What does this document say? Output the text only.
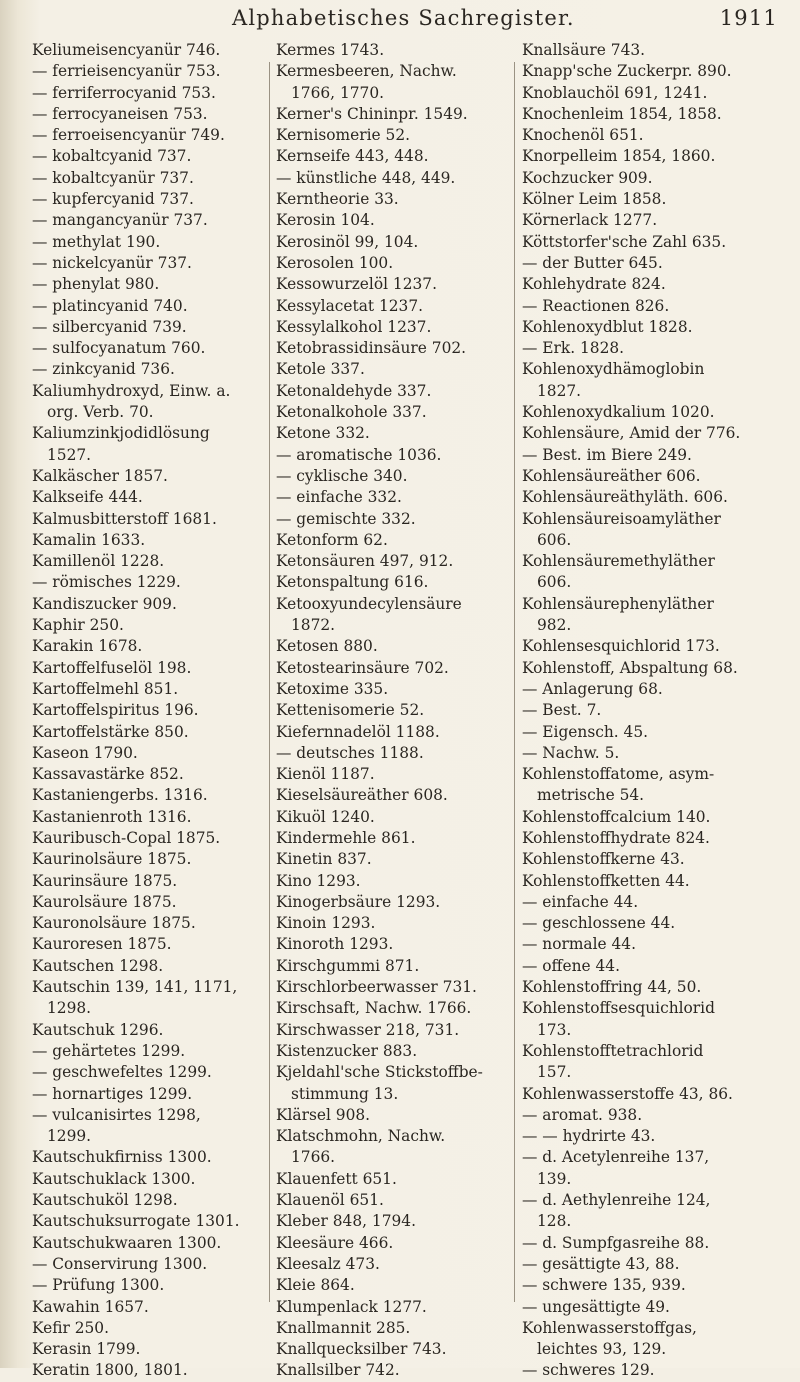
Alphabetisches Sachregister.	1911
Keliumeisencyanür 746.
— ferrieisencyanür 753.
— ferriferrocyanid 753.
— ferrocyaneisen 753.
— ferroeisencyanür 749.
— kobaltcyanid 737.
— kobaltcyanür 737.
— kupfercyanid 737.
— mangancyanür 737.
— methylat 190.
— nickelcyanür 737.
— phenylat 980.
— platincyanid 740.
— silbercyanid 739.
— sulfocyanatum 760.
— zinkcyanid 736.
Kaliumhydroxyd, Einw. a.
org. Verb. 70.
Kaliumzinkjodidlösung
1527.
Kalkäscher 1857.
Kalkseife 444.
Kalmusbitterstoff 1681.
Kamalin 1633.
Kamillenöl 1228.
— römisches 1229.
Kandiszucker 909.
Kaphir 250.
Karakin 1678.
Kartoffelfuselöl 198.
Kartoffelmehl 851.
Kartoffelspiritus 196.
Kartoffelstärke 850.
Kaseon 1790.
Kassavastärke 852.
Kastaniengerbs. 1316.
Kastanienroth 1316.
Kauribusch-Copal 1875.
Kaurinolsäure 1875.
Kaurinsäure 1875.
Kaurolsäure 1875.
Kauronolsäure 1875.
Kauroresen 1875.
Kautschen 1298.
Kautschin 139, 141, 1171,
1298.
Kautschuk 1296.
— gehärtetes 1299.
— geschwefeltes 1299.
— hornartiges 1299.
— vulcanisirtes 1298,
1299.
Kautschukfirniss 1300.
Kautschuklack 1300.
Kautschuköl 1298.
Kautschuksurrogate 1301.
Kautschukwaaren 1300.
— Conservirung 1300.
— Prüfung 1300.
Kawahin 1657.
Kefir 250.
Kerasin 1799.
Keratin 1800, 1801.
Kermes 1743.
Kermesbeeren, Nachw.
1766, 1770.
Kerner's Chininpr. 1549.
Kernisomerie 52.
Kernseife 443, 448.
— künstliche 448, 449.
Kerntheorie 33.
Kerosin 104.
Kerosinöl 99, 104.
Kerosolen 100.
Kessowurzelöl 1237.
Kessylacetat 1237.
Kessylalkohol 1237.
Ketobrassidinsäure 702.
Ketole 337.
Ketonaldehyde 337.
Ketonalkohole 337.
Ketone 332.
— aromatische 1036.
— cyklische 340.
— einfache 332.
— gemischte 332.
Ketonform 62.
Ketonsäuren 497, 912.
Ketonspaltung 616.
Ketooxyundecylensäure
1872.
Ketosen 880.
Ketostearinsäure 702.
Ketoxime 335.
Kettenisomerie 52.
Kiefernnadelöl 1188.
— deutsches 1188.
Kienöl 1187.
Kieselsäureäther 608.
Kikuöl 1240.
Kindermehle 861.
Kinetin 837.
Kino 1293.
Kinogerbsäure 1293.
Kinoin 1293.
Kinoroth 1293.
Kirschgummi 871.
Kirschlorbeerwasser 731.
Kirschsaft, Nachw. 1766.
Kirschwasser 218, 731.
Kistenzucker 883.
Kjeldahl'sche Stickstoffbe-
stimmung 13.
Klärsel 908.
Klatschmohn, Nachw.
1766.
Klauenfett 651.
Klauenöl 651.
Kleber 848, 1794.
Kleesäure 466.
Kleesalz 473.
Kleie 864.
Klumpenlack 1277.
Knallmannit 285.
Knallquecksilber 743.
Knallsilber 742.
Knallsäure 743.
Knapp'sche Zuckerpr. 890.
Knoblauchöl 691, 1241.
Knochenleim 1854, 1858.
Knochenöl 651.
Knorpelleim 1854, 1860.
Kochzucker 909.
Kölner Leim 1858.
Körnerlack 1277.
Köttstorfer'sche Zahl 635.
— der Butter 645.
Kohlehydrate 824.
— Reactionen 826.
Kohlenoxydblut 1828.
— Erk. 1828.
Kohlenoxydhämoglobin
1827.
Kohlenoxydkalium 1020.
Kohlensäure, Amid der 776.
— Best. im Biere 249.
Kohlensäureäther 606.
Kohlensäureäthyläth. 606.
Kohlensäureisoamyläther
606.
Kohlensäuremethyläther
606.
Kohlensäurephenyläther
982.
Kohlensesquichlorid 173.
Kohlenstoff, Abspaltung 68.
— Anlagerung 68.
— Best. 7.
— Eigensch. 45.
— Nachw. 5.
Kohlenstoffatome, asym-
metrische 54.
Kohlenstoffcalcium 140.
Kohlenstoffhydrate 824.
Kohlenstoffkerne 43.
Kohlenstoffketten 44.
— einfache 44.
— geschlossene 44.
— normale 44.
— offene 44.
Kohlenstoffring 44, 50.
Kohlenstoffsesquichlorid
173.
Kohlenstofftetrachlorid
157.
Kohlenwasserstoffe 43, 86.
— aromat. 938.
— — hydrirte 43.
— d. Acetylenreihe 137,
139.
— d. Aethylenreihe 124,
128.
— d. Sumpfgasreihe 88.
— gesättigte 43, 88.
— schwere 135, 939.
— ungesättigte 49.
Kohlenwasserstoffgas,
leichtes 93, 129.
— schweres 129.
